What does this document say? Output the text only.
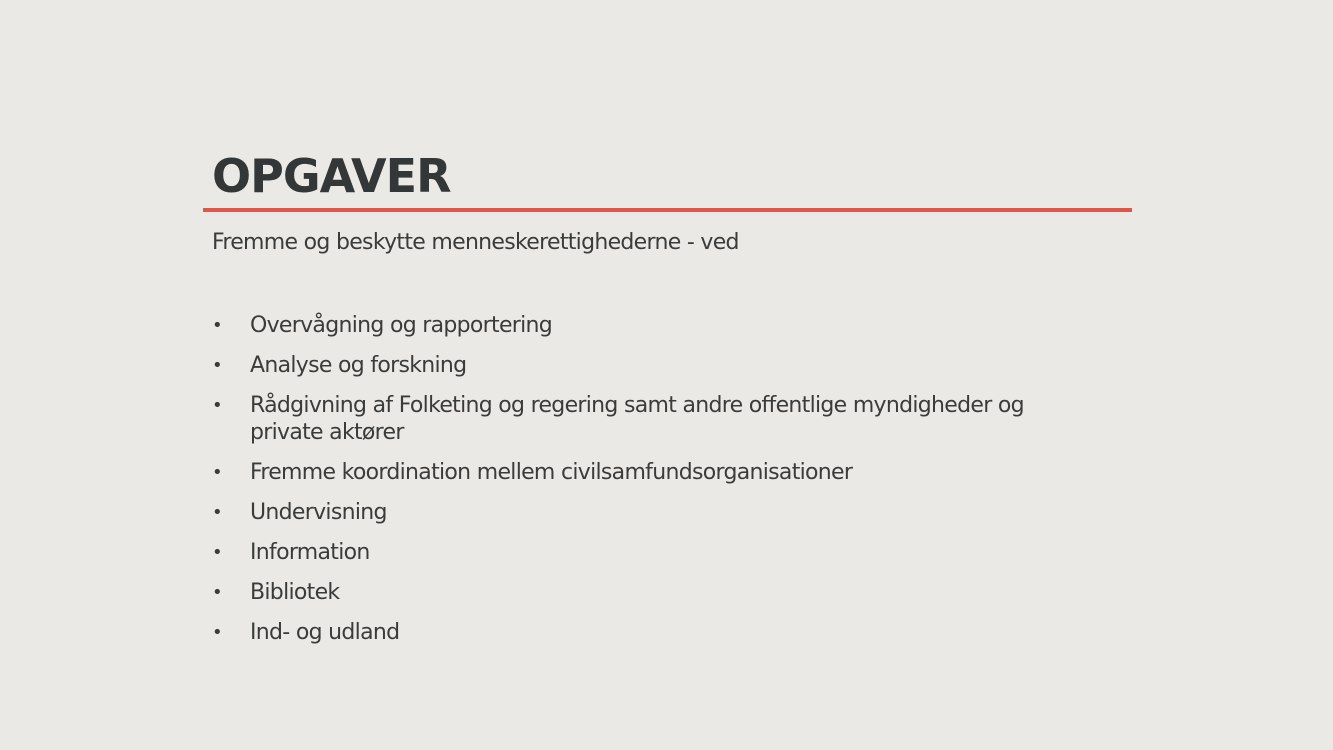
OPGAVER

Fremme og beskytte menneskerettighederne - ved

• Overvågning og rapportering
• Analyse og forskning
• Rådgivning af Folketing og regering samt andre offentlige myndigheder og private aktører
• Fremme koordination mellem civilsamfundsorganisationer
• Undervisning
• Information
• Bibliotek
• Ind- og udland
